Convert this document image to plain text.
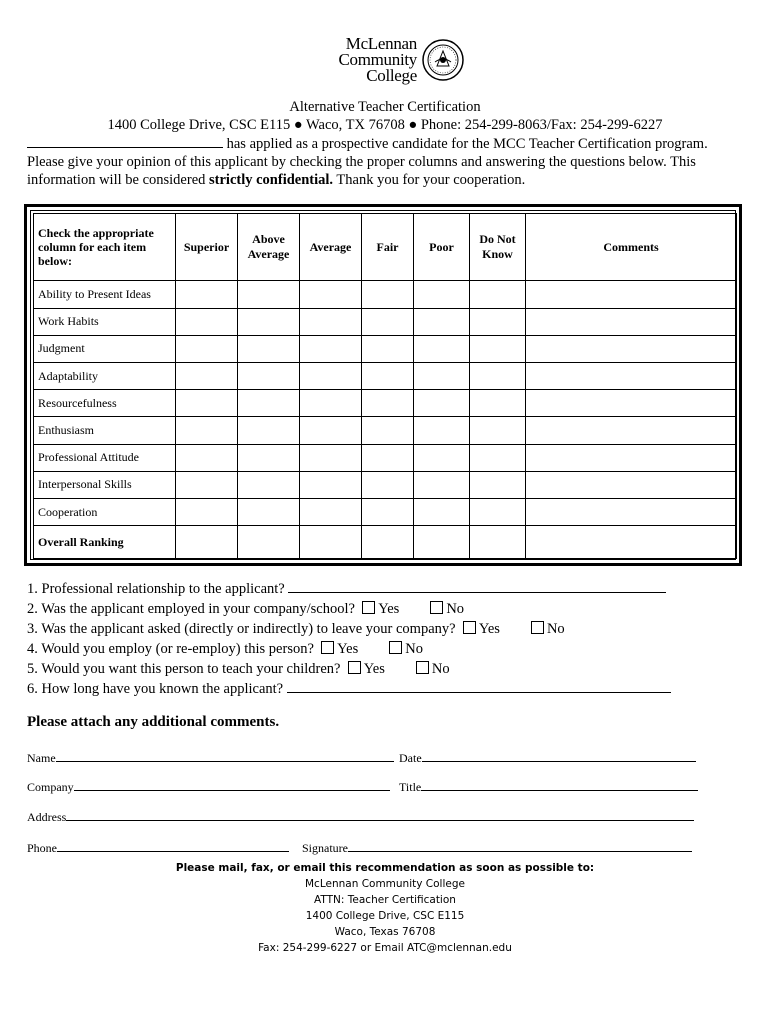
McLennan
Community
College
Alternative Teacher Certification
1400 College Drive, CSC E115 ● Waco, TX 76708 ● Phone: 254-299-8063/Fax: 254-299-6227
has applied as a prospective candidate for the MCC Teacher Certification program.
Please give your opinion of this applicant by checking the proper columns and answering the questions below. This
information will be considered strictly confidential. Thank you for your cooperation.
Check the appropriate column for each item below:	Superior	Above Average	Average	Fair	Poor	Do Not Know	Comments
Ability to Present Ideas							
Work Habits							
Judgment							
Adaptability							
Resourcefulness							
Enthusiasm							
Professional Attitude							
Interpersonal Skills							
Cooperation							
Overall Ranking							
1. Professional relationship to the applicant?
2. Was the applicant employed in your company/school? Yes	No
3. Was the applicant asked (directly or indirectly) to leave your company? Yes	No
4. Would you employ (or re-employ) this person? Yes	No
5. Would you want this person to teach your children? Yes	No
6. How long have you known the applicant?
Please attach any additional comments.
Name	Date
Company	Title
Address
Phone	Signature
Please mail, fax, or email this recommendation as soon as possible to:
McLennan Community College
ATTN: Teacher Certification
1400 College Drive, CSC E115
Waco, Texas 76708
Fax: 254-299-6227 or Email ATC@mclennan.edu
